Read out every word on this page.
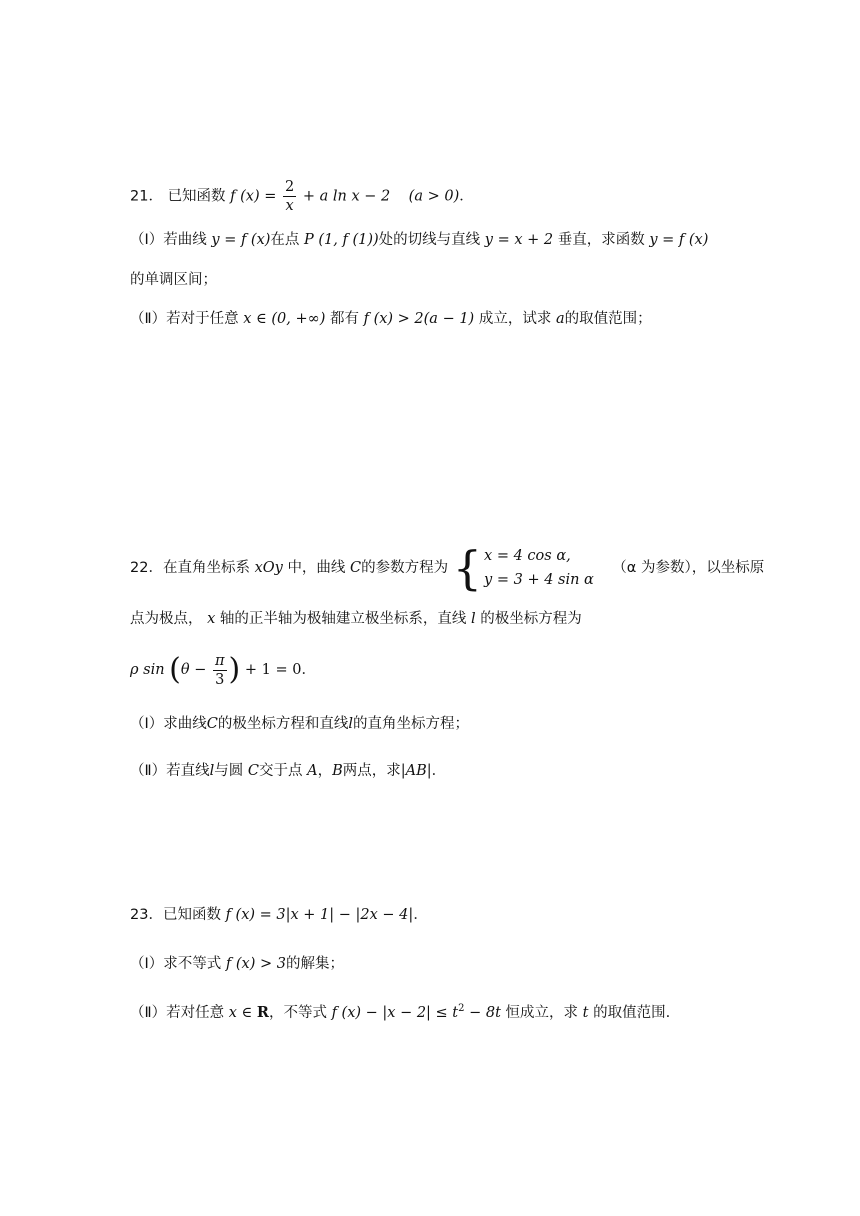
21． 已知函数 f $(x) = \frac{2}{x} + a$ ln x − 2 (a > 0)．
（Ⅰ）若曲线 y = f (x)在点 P (1, f (1))处的切线与直线 y = x + 2 垂直，求函数 y = f (x)
的单调区间；
（Ⅱ）若对于任意 x ∈ (0, +∞) 都有 f (x) > 2(a − 1) 成立，试求 a的取值范围；
22．在直角坐标系 xOy 中，曲线 C的参数方程为 { x = 4 cos α,
y = 3 + 4 sin α
（α 为参数），以坐标原
点为极点， x 轴的正半轴为极轴建立极坐标系，直线 l 的极坐标方程为
ρ $\sin (\theta - \frac{\pi}{3}$ ) + 1 = 0．
（Ⅰ）求曲线C的极坐标方程和直线l的直角坐标方程；
（Ⅱ）若直线l与圆 C交于点 A，B两点，求|AB|．
23．已知函数 f (x) = 3|x + 1| − |2x − 4|．
（Ⅰ）求不等式 f (x) > 3的解集；
（Ⅱ）若对任意 x ∈ R，不等式 f $(x) - |x - 2| \le t^2 - 8t$ 恒成立，求 t 的取值范围.
